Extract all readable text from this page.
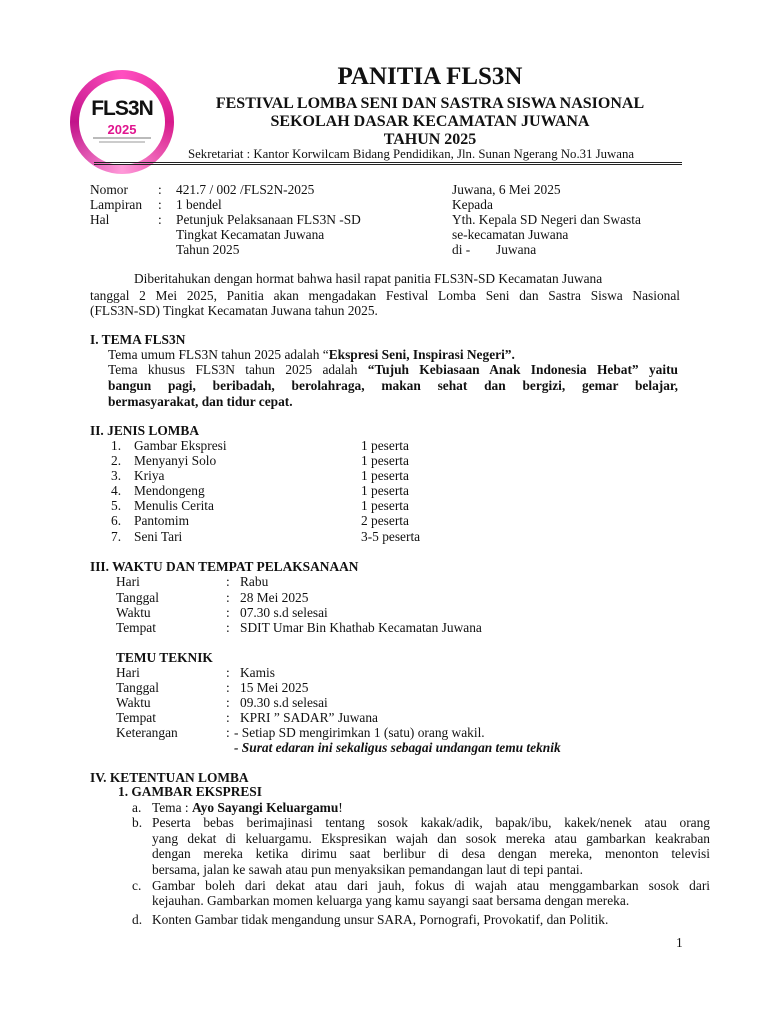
FLS3N
2025
PANITIA FLS3N
FESTIVAL LOMBA SENI DAN SASTRA SISWA NASIONAL
SEKOLAH DASAR KECAMATAN JUWANA
TAHUN 2025
Sekretariat : Kantor Korwilcam Bidang Pendidikan, Jln. Sunan Ngerang No.31 Juwana
Nomor : 421.7 / 002 /FLS2N-2025
Lampiran : 1 bendel
Hal	: Petunjuk Pelaksanaan FLS3N -SD
Tingkat Kecamatan Juwana
Tahun 2025
Juwana, 6 Mei 2025
Kepada
Yth. Kepala SD Negeri dan Swasta
se-kecamatan Juwana
di - Juwana
Diberitahukan dengan hormat bahwa hasil rapat panitia FLS3N-SD Kecamatan Juwana
tanggal 2 Mei 2025, Panitia akan mengadakan Festival Lomba Seni dan Sastra Siswa Nasional
(FLS3N-SD) Tingkat Kecamatan Juwana tahun 2025.
I. TEMA FLS3N
Tema umum FLS3N tahun 2025 adalah “Ekspresi Seni, Inspirasi Negeri”.
Tema khusus FLS3N tahun 2025 adalah “Tujuh Kebiasaan Anak Indonesia Hebat” yaitu
bangun pagi, beribadah, berolahraga, makan sehat dan bergizi, gemar belajar,
bermasyarakat, dan tidur cepat.
II. JENIS LOMBA
1. Gambar Ekspresi	1 peserta
2. Menyanyi Solo	1 peserta
3. Kriya	1 peserta
4. Mendongeng	1 peserta
5. Menulis Cerita	1 peserta
6. Pantomim	2 peserta
7. Seni Tari	3-5 peserta
III. WAKTU DAN TEMPAT PELAKSANAAN
Hari	: Rabu
Tanggal	: 28 Mei 2025
Waktu	: 07.30 s.d selesai
Tempat	: SDIT Umar Bin Khathab Kecamatan Juwana
TEMU TEKNIK
Hari	: Kamis
Tanggal	: 15 Mei 2025
Waktu	: 09.30 s.d selesai
Tempat	: KPRI ” SADAR” Juwana
Keterangan	: - Setiap SD mengirimkan 1 (satu) orang wakil.
- Surat edaran ini sekaligus sebagai undangan temu teknik
IV. KETENTUAN LOMBA
1. GAMBAR EKSPRESI
a. Tema : Ayo Sayangi Keluargamu!
b. Peserta bebas berimajinasi tentang sosok kakak/adik, bapak/ibu, kakek/nenek atau orang
yang dekat di keluargamu. Ekspresikan wajah dan sosok mereka atau gambarkan keakraban
dengan mereka ketika dirimu saat berlibur di desa dengan mereka, menonton televisi
bersama, jalan ke sawah atau pun menyaksikan pemandangan laut di tepi pantai.
c. Gambar boleh dari dekat atau dari jauh, fokus di wajah atau menggambarkan sosok dari
kejauhan. Gambarkan momen keluarga yang kamu sayangi saat bersama dengan mereka.
d. Konten Gambar tidak mengandung unsur SARA, Pornografi, Provokatif, dan Politik.
1
